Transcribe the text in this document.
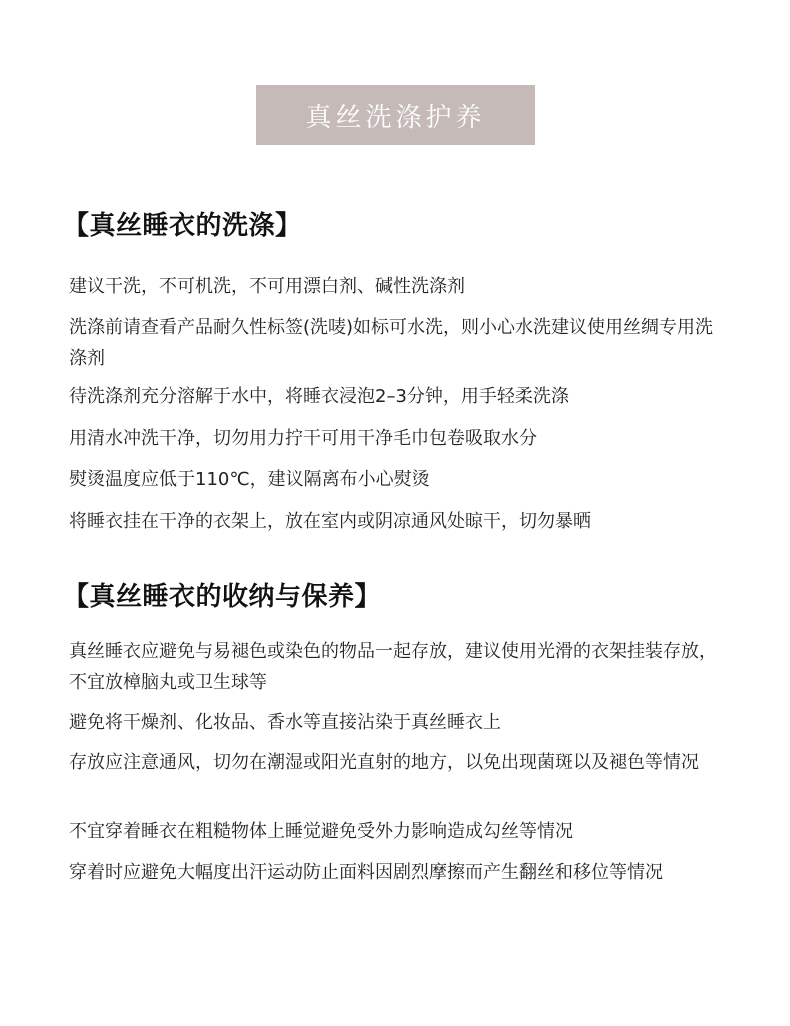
真丝洗涤护养
【真丝睡衣的洗涤】
建议干洗，不可机洗，不可用漂白剂、碱性洗涤剂
洗涤前请查看产品耐久性标签(洗唛)如标可水洗，则小心水洗建议使用丝绸专用洗涤剂
待洗涤剂充分溶解于水中，将睡衣浸泡2–3分钟，用手轻柔洗涤
用清水冲洗干净，切勿用力拧干可用干净毛巾包卷吸取水分
熨烫温度应低于110℃，建议隔离布小心熨烫
将睡衣挂在干净的衣架上，放在室内或阴凉通风处晾干，切勿暴晒
【真丝睡衣的收纳与保养】
真丝睡衣应避免与易褪色或染色的物品一起存放，建议使用光滑的衣架挂装存放，不宜放樟脑丸或卫生球等
避免将干燥剂、化妆品、香水等直接沾染于真丝睡衣上
存放应注意通风，切勿在潮湿或阳光直射的地方，以免出现菌斑以及褪色等情况
不宜穿着睡衣在粗糙物体上睡觉避免受外力影响造成勾丝等情况
穿着时应避免大幅度出汗运动防止面料因剧烈摩擦而产生翻丝和移位等情况
